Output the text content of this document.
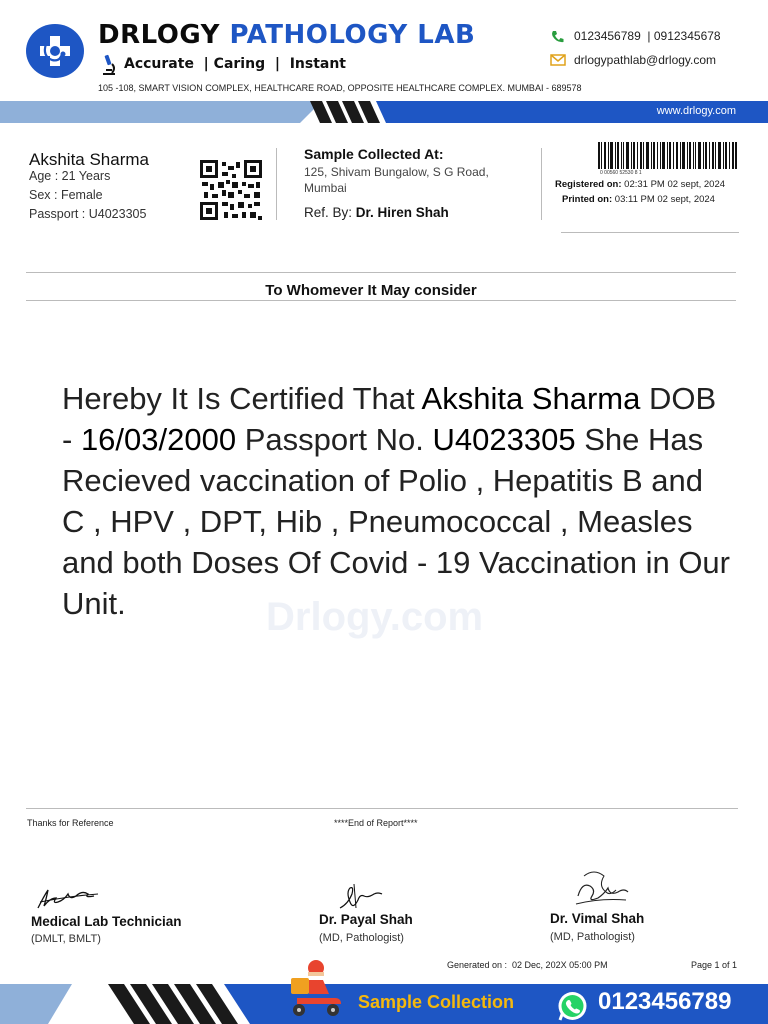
DRLOGY PATHOLOGY LAB
Accurate  | Caring  |  Instant
105 -108, SMART VISION COMPLEX, HEALTHCARE ROAD, OPPOSITE HEALTHCARE COMPLEX. MUMBAI - 689578
0123456789  | 0912345678
drlogypathlab@drlogy.com
www.drlogy.com
Akshita Sharma
Age : 21 Years
Sex : Female
Passport : U4023305
Sample Collected At:
125, Shivam Bungalow, S G Road, Mumbai
Ref. By: Dr. Hiren Shah
0 00560 52530 8 1
Registered on: 02:31 PM 02 sept, 2024
Printed on: 03:11 PM 02 sept, 2024
To Whomever It May consider
Drlogy.com
Hereby It Is Certified That Akshita Sharma DOB - 16/03/2000 Passport No. U4023305 She Has Recieved vaccination of Polio , Hepatitis B and C , HPV , DPT, Hib , Pneumococcal , Measles and both Doses Of Covid - 19 Vaccination in Our Unit.
Thanks for Reference	****End of Report****
Medical Lab Technician
(DMLT, BMLT)
Dr. Payal Shah
(MD, Pathologist)
Dr. Vimal Shah
(MD, Pathologist)
Generated on :  02 Dec, 202X 05:00 PM	Page 1 of 1
Sample Collection	0123456789
